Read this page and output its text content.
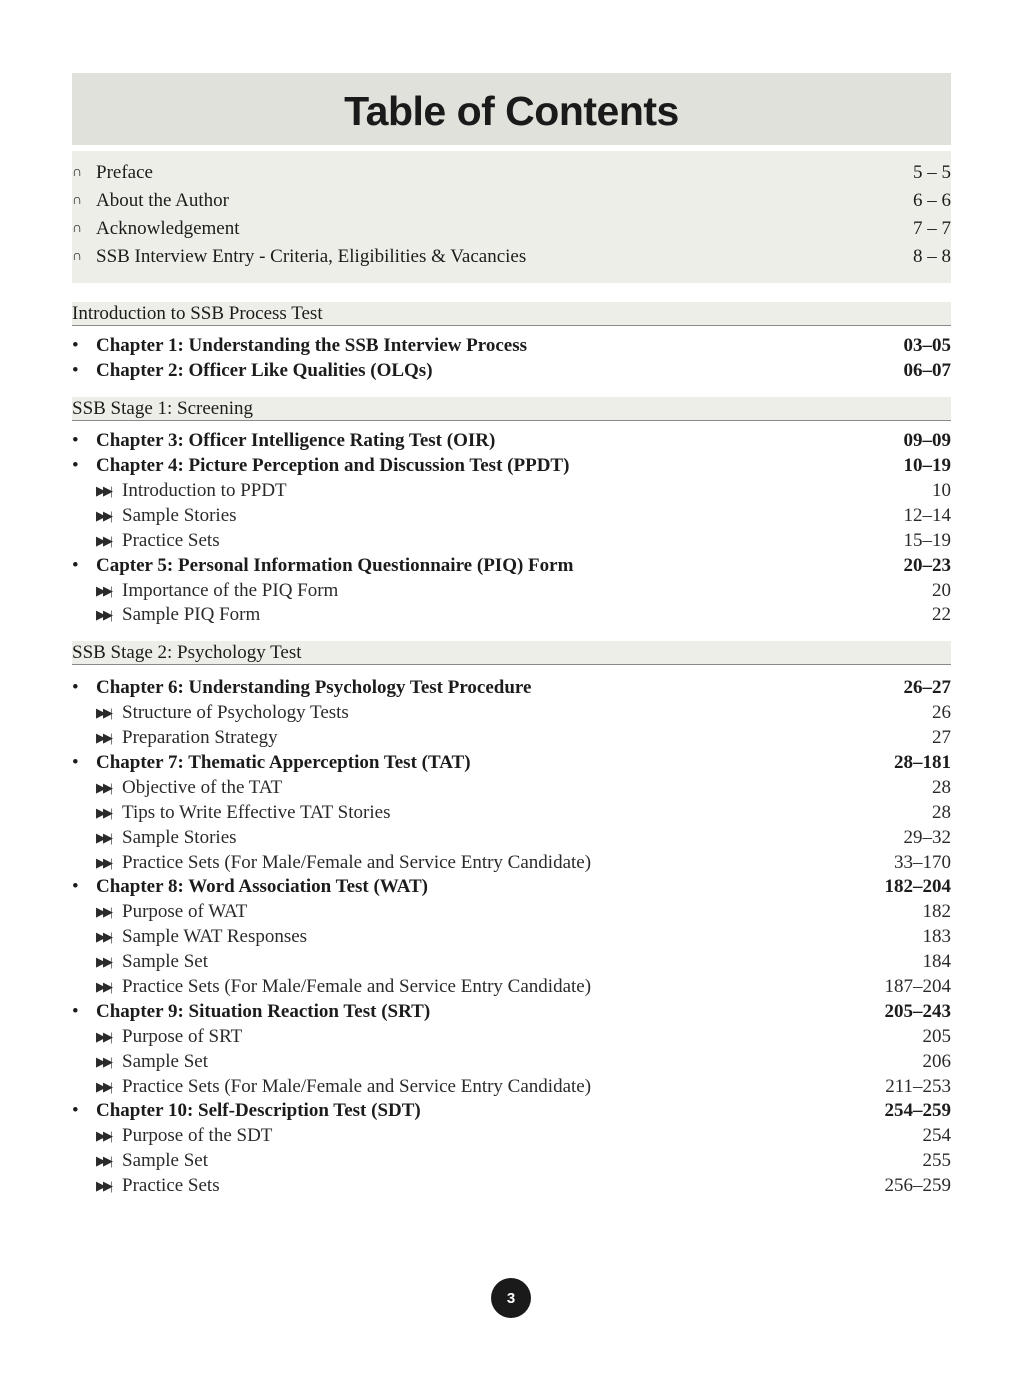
Table of Contents
∩ Preface	5 – 5
∩ About the Author	6 – 6
∩ Acknowledgement	7 – 7
∩ SSB Interview Entry - Criteria, Eligibilities & Vacancies	8 – 8
Introduction to SSB Process Test
• Chapter 1: Understanding the SSB Interview Process	03–05
• Chapter 2: Officer Like Qualities (OLQs)	06–07
SSB Stage 1: Screening
• Chapter 3: Officer Intelligence Rating Test (OIR)	09–09
• Chapter 4: Picture Perception and Discussion Test (PPDT)	10–19
▶▶| Introduction to PPDT	10
▶▶| Sample Stories	12–14
▶▶| Practice Sets	15–19
• Capter 5: Personal Information Questionnaire (PIQ) Form	20–23
▶▶| Importance of the PIQ Form	20
▶▶| Sample PIQ Form	22
SSB Stage 2: Psychology Test
• Chapter 6: Understanding Psychology Test Procedure	26–27
▶▶| Structure of Psychology Tests	26
▶▶| Preparation Strategy	27
• Chapter 7: Thematic Apperception Test (TAT)	28–181
▶▶| Objective of the TAT	28
▶▶| Tips to Write Effective TAT Stories	28
▶▶| Sample Stories	29–32
▶▶| Practice Sets (For Male/Female and Service Entry Candidate)	33–170
• Chapter 8: Word Association Test (WAT)	182–204
▶▶| Purpose of WAT	182
▶▶| Sample WAT Responses	183
▶▶| Sample Set	184
▶▶| Practice Sets (For Male/Female and Service Entry Candidate)	187–204
• Chapter 9: Situation Reaction Test (SRT)	205–243
▶▶| Purpose of SRT	205
▶▶| Sample Set	206
▶▶| Practice Sets (For Male/Female and Service Entry Candidate)	211–253
• Chapter 10: Self-Description Test (SDT)	254–259
▶▶| Purpose of the SDT	254
▶▶| Sample Set	255
▶▶| Practice Sets	256–259
3
